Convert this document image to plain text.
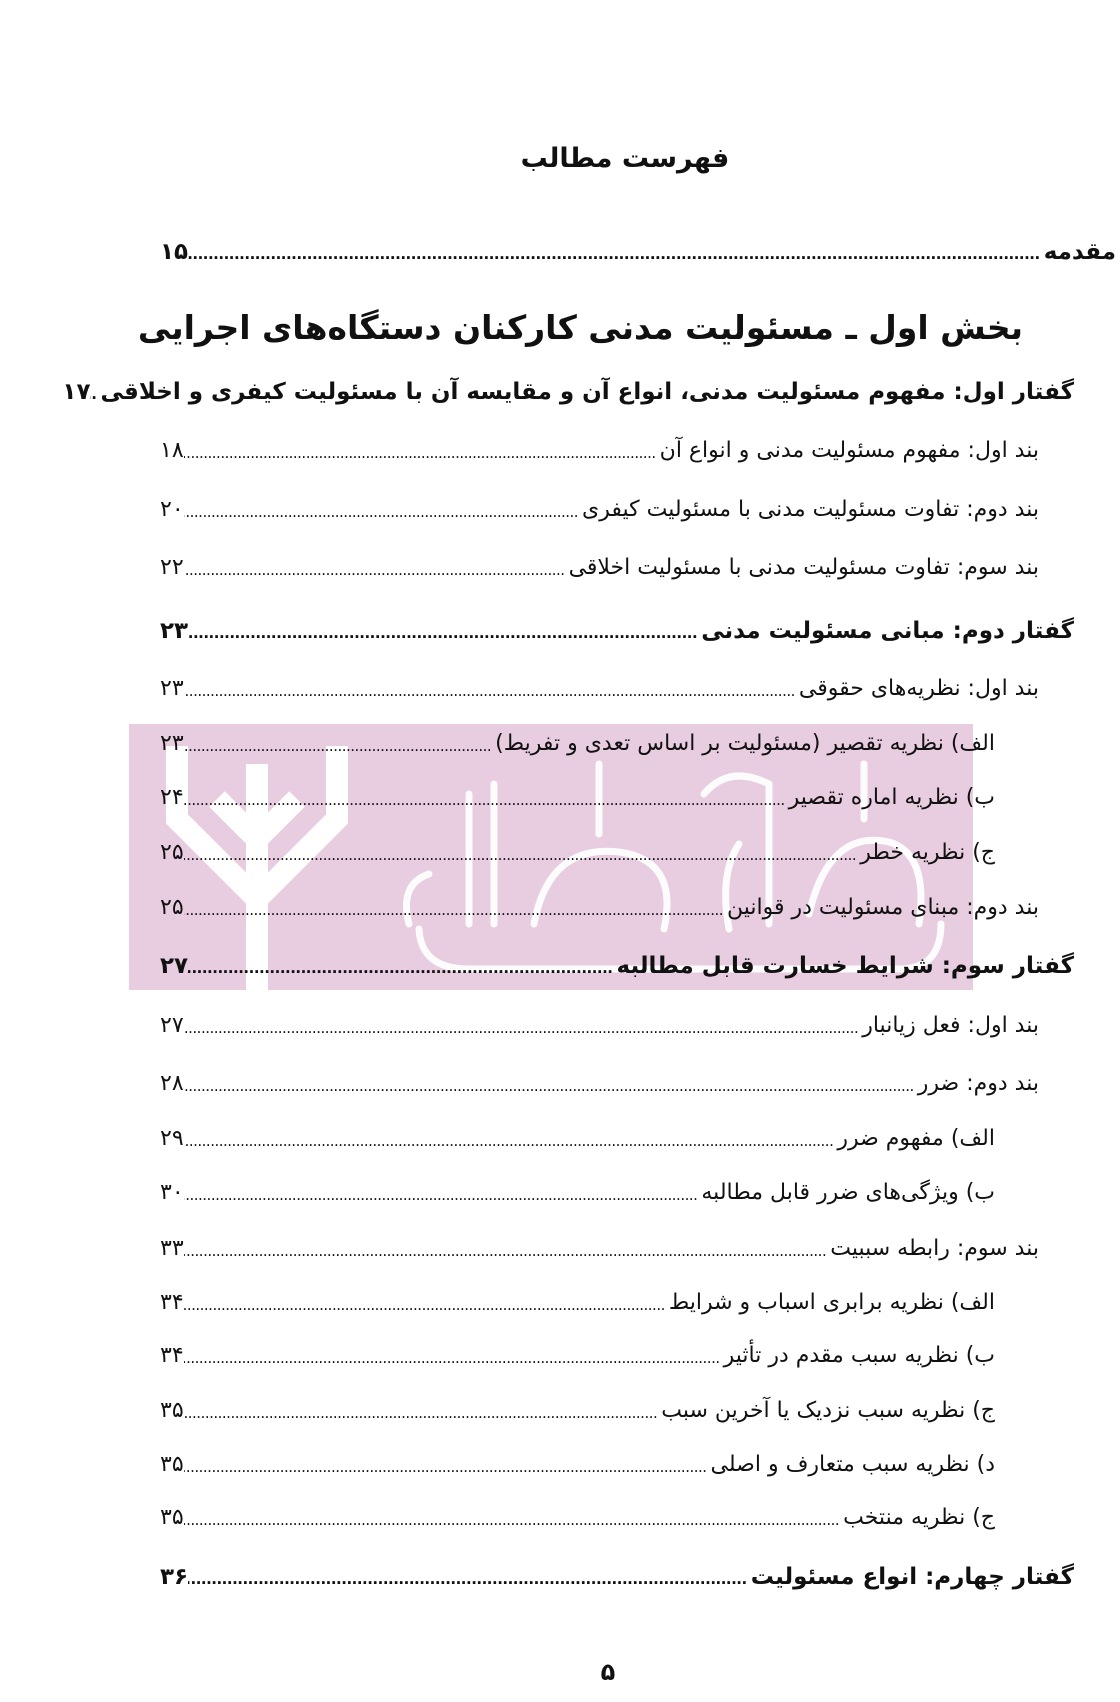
فهرست مطالب
مقدمه
.....
۱۵
بخش اول ـ مسئولیت مدنی کارکنان دستگاه‌های اجرایی
گفتار اول: مفهوم مسئولیت مدنی، انواع آن و مقایسه آن با مسئولیت کیفری و اخلاقی
.....
۱۷
بند اول: مفهوم مسئولیت مدنی و انواع آن
.....
۱۸
بند دوم: تفاوت مسئولیت مدنی با مسئولیت کیفری
.....
۲۰
بند سوم: تفاوت مسئولیت مدنی با مسئولیت اخلاقی
.....
۲۲
گفتار دوم: مبانی مسئولیت مدنی
.....
۲۳
بند اول: نظریه‌های حقوقی
.....
۲۳
الف) نظریه تقصیر (مسئولیت بر اساس تعدی و تفریط)
.....
۲۳
ب) نظریه اماره تقصیر
.....
۲۴
ج) نظریه خطر
.....
۲۵
بند دوم: مبنای مسئولیت در قوانین
.....
۲۵
گفتار سوم: شرایط خسارت قابل مطالبه
.....
۲۷
بند اول: فعل زیانبار
.....
۲۷
بند دوم: ضرر
.....
۲۸
الف) مفهوم ضرر
.....
۲۹
ب) ویژگی‌های ضرر قابل مطالبه
.....
۳۰
بند سوم: رابطه سببیت
.....
۳۳
الف) نظریه برابری اسباب و شرایط
.....
۳۴
ب) نظریه سبب مقدم در تأثیر
.....
۳۴
ج) نظریه سبب نزدیک یا آخرین سبب
.....
۳۵
د) نظریه سبب متعارف و اصلی
.....
۳۵
ج) نظریه منتخب
.....
۳۵
گفتار چهارم: انواع مسئولیت
.....
۳۶
۵
